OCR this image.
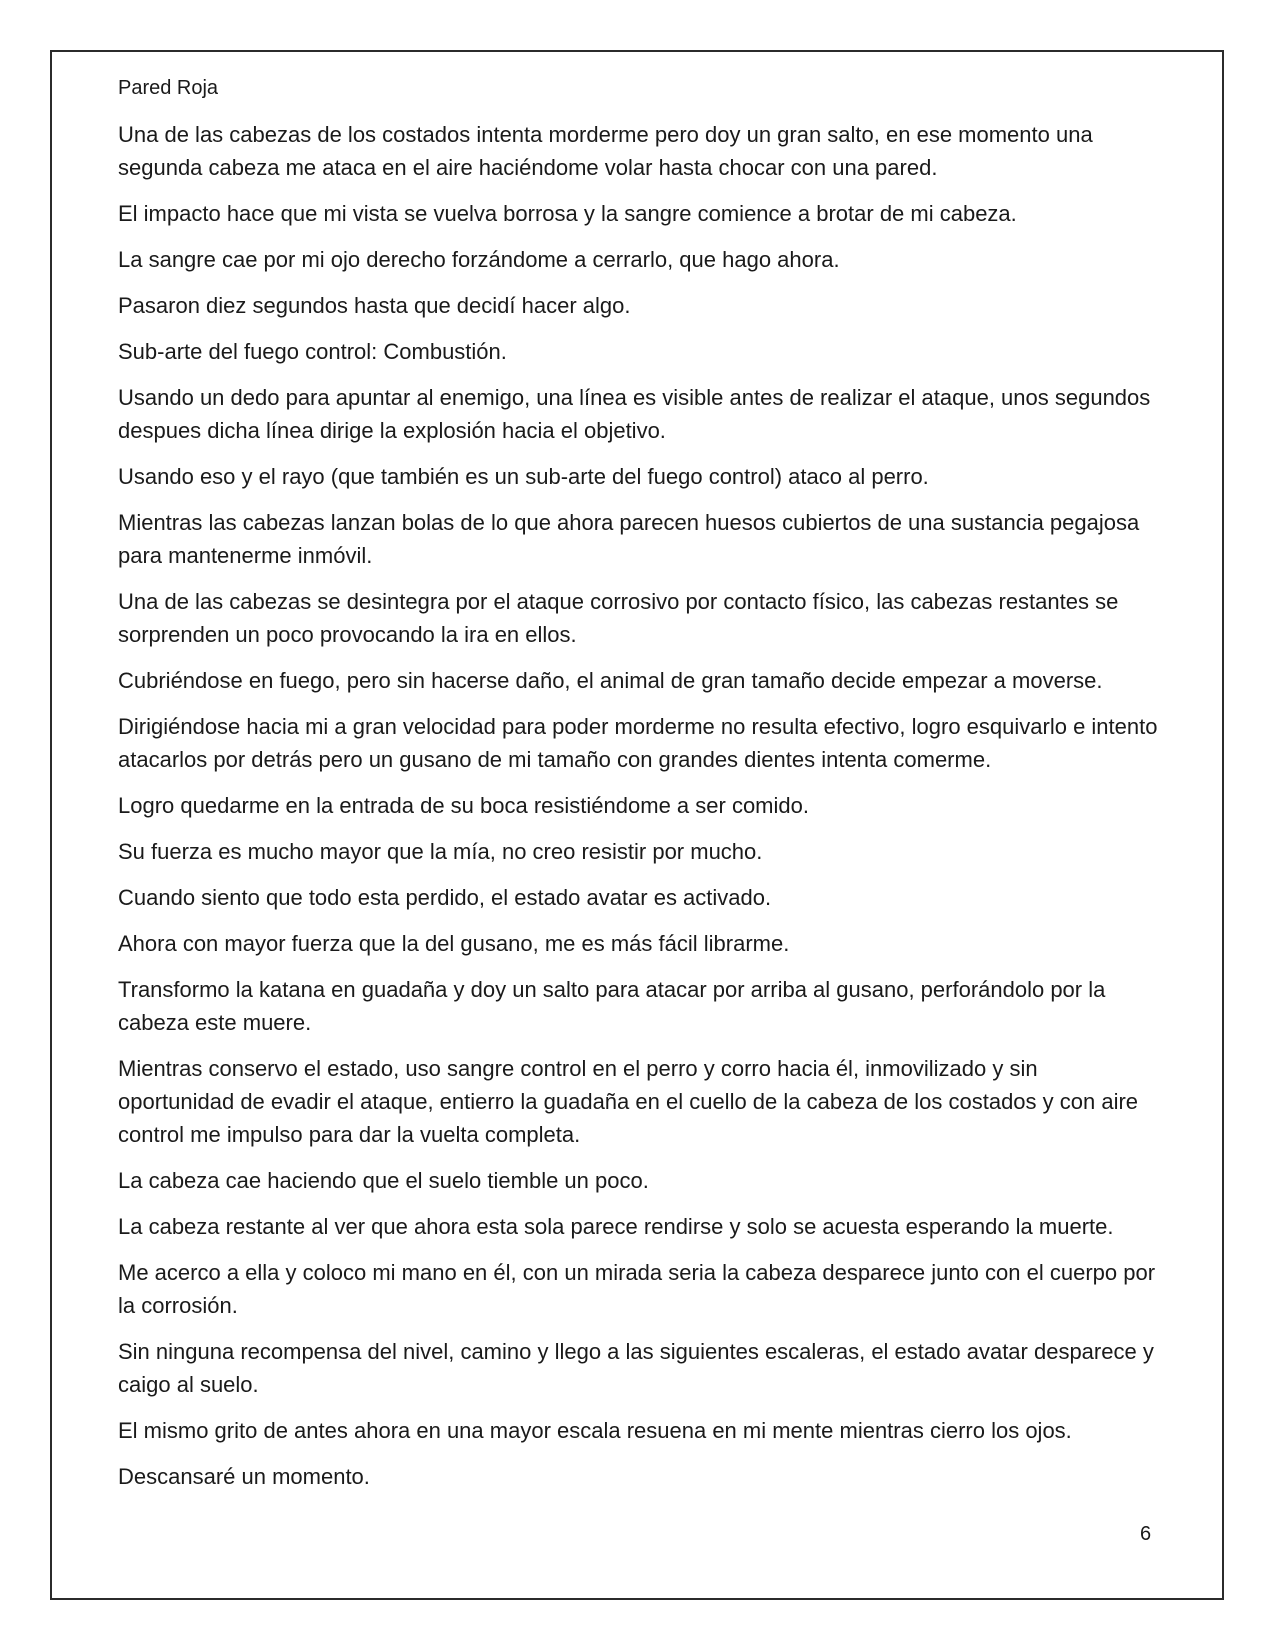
Pared Roja

Una de las cabezas de los costados intenta morderme pero doy un gran salto, en ese momento una segunda cabeza me ataca en el aire haciéndome volar hasta chocar con una pared.

El impacto hace que mi vista se vuelva borrosa y la sangre comience a brotar de mi cabeza.

La sangre cae por mi ojo derecho forzándome a cerrarlo, que hago ahora.

Pasaron diez segundos hasta que decidí hacer algo.

Sub-arte del fuego control: Combustión.

Usando un dedo para apuntar al enemigo, una línea es visible antes de realizar el ataque, unos segundos despues dicha línea dirige la explosión hacia el objetivo.

Usando eso y el rayo (que también es un sub-arte del fuego control) ataco al perro.

Mientras las cabezas lanzan bolas de lo que ahora parecen huesos cubiertos de una sustancia pegajosa para mantenerme inmóvil.

Una de las cabezas se desintegra por el ataque corrosivo por contacto físico, las cabezas restantes se sorprenden un poco provocando la ira en ellos.

Cubriéndose en fuego, pero sin hacerse daño, el animal de gran tamaño decide empezar a moverse.

Dirigiéndose hacia mi a gran velocidad para poder morderme no resulta efectivo, logro esquivarlo e intento atacarlos por detrás pero un gusano de mi tamaño con grandes dientes intenta comerme.

Logro quedarme en la entrada de su boca resistiéndome a ser comido.

Su fuerza es mucho mayor que la mía, no creo resistir por mucho.

Cuando siento que todo esta perdido, el estado avatar es activado.

Ahora con mayor fuerza que la del gusano, me es más fácil librarme.

Transformo la katana en guadaña y doy un salto para atacar por arriba al gusano, perforándolo por la cabeza este muere.

Mientras conservo el estado, uso sangre control en el perro y corro hacia él, inmovilizado y sin oportunidad de evadir el ataque, entierro la guadaña en el cuello de la cabeza de los costados y con aire control me impulso para dar la vuelta completa.

La cabeza cae haciendo que el suelo tiemble un poco.

La cabeza restante al ver que ahora esta sola parece rendirse y solo se acuesta esperando la muerte.

Me acerco a ella y coloco mi mano en él, con un mirada seria la cabeza desparece junto con el cuerpo por la corrosión.

Sin ninguna recompensa del nivel, camino y llego a las siguientes escaleras, el estado avatar desparece y caigo al suelo.

El mismo grito de antes ahora en una mayor escala resuena en mi mente mientras cierro los ojos.

Descansaré un momento.

6
